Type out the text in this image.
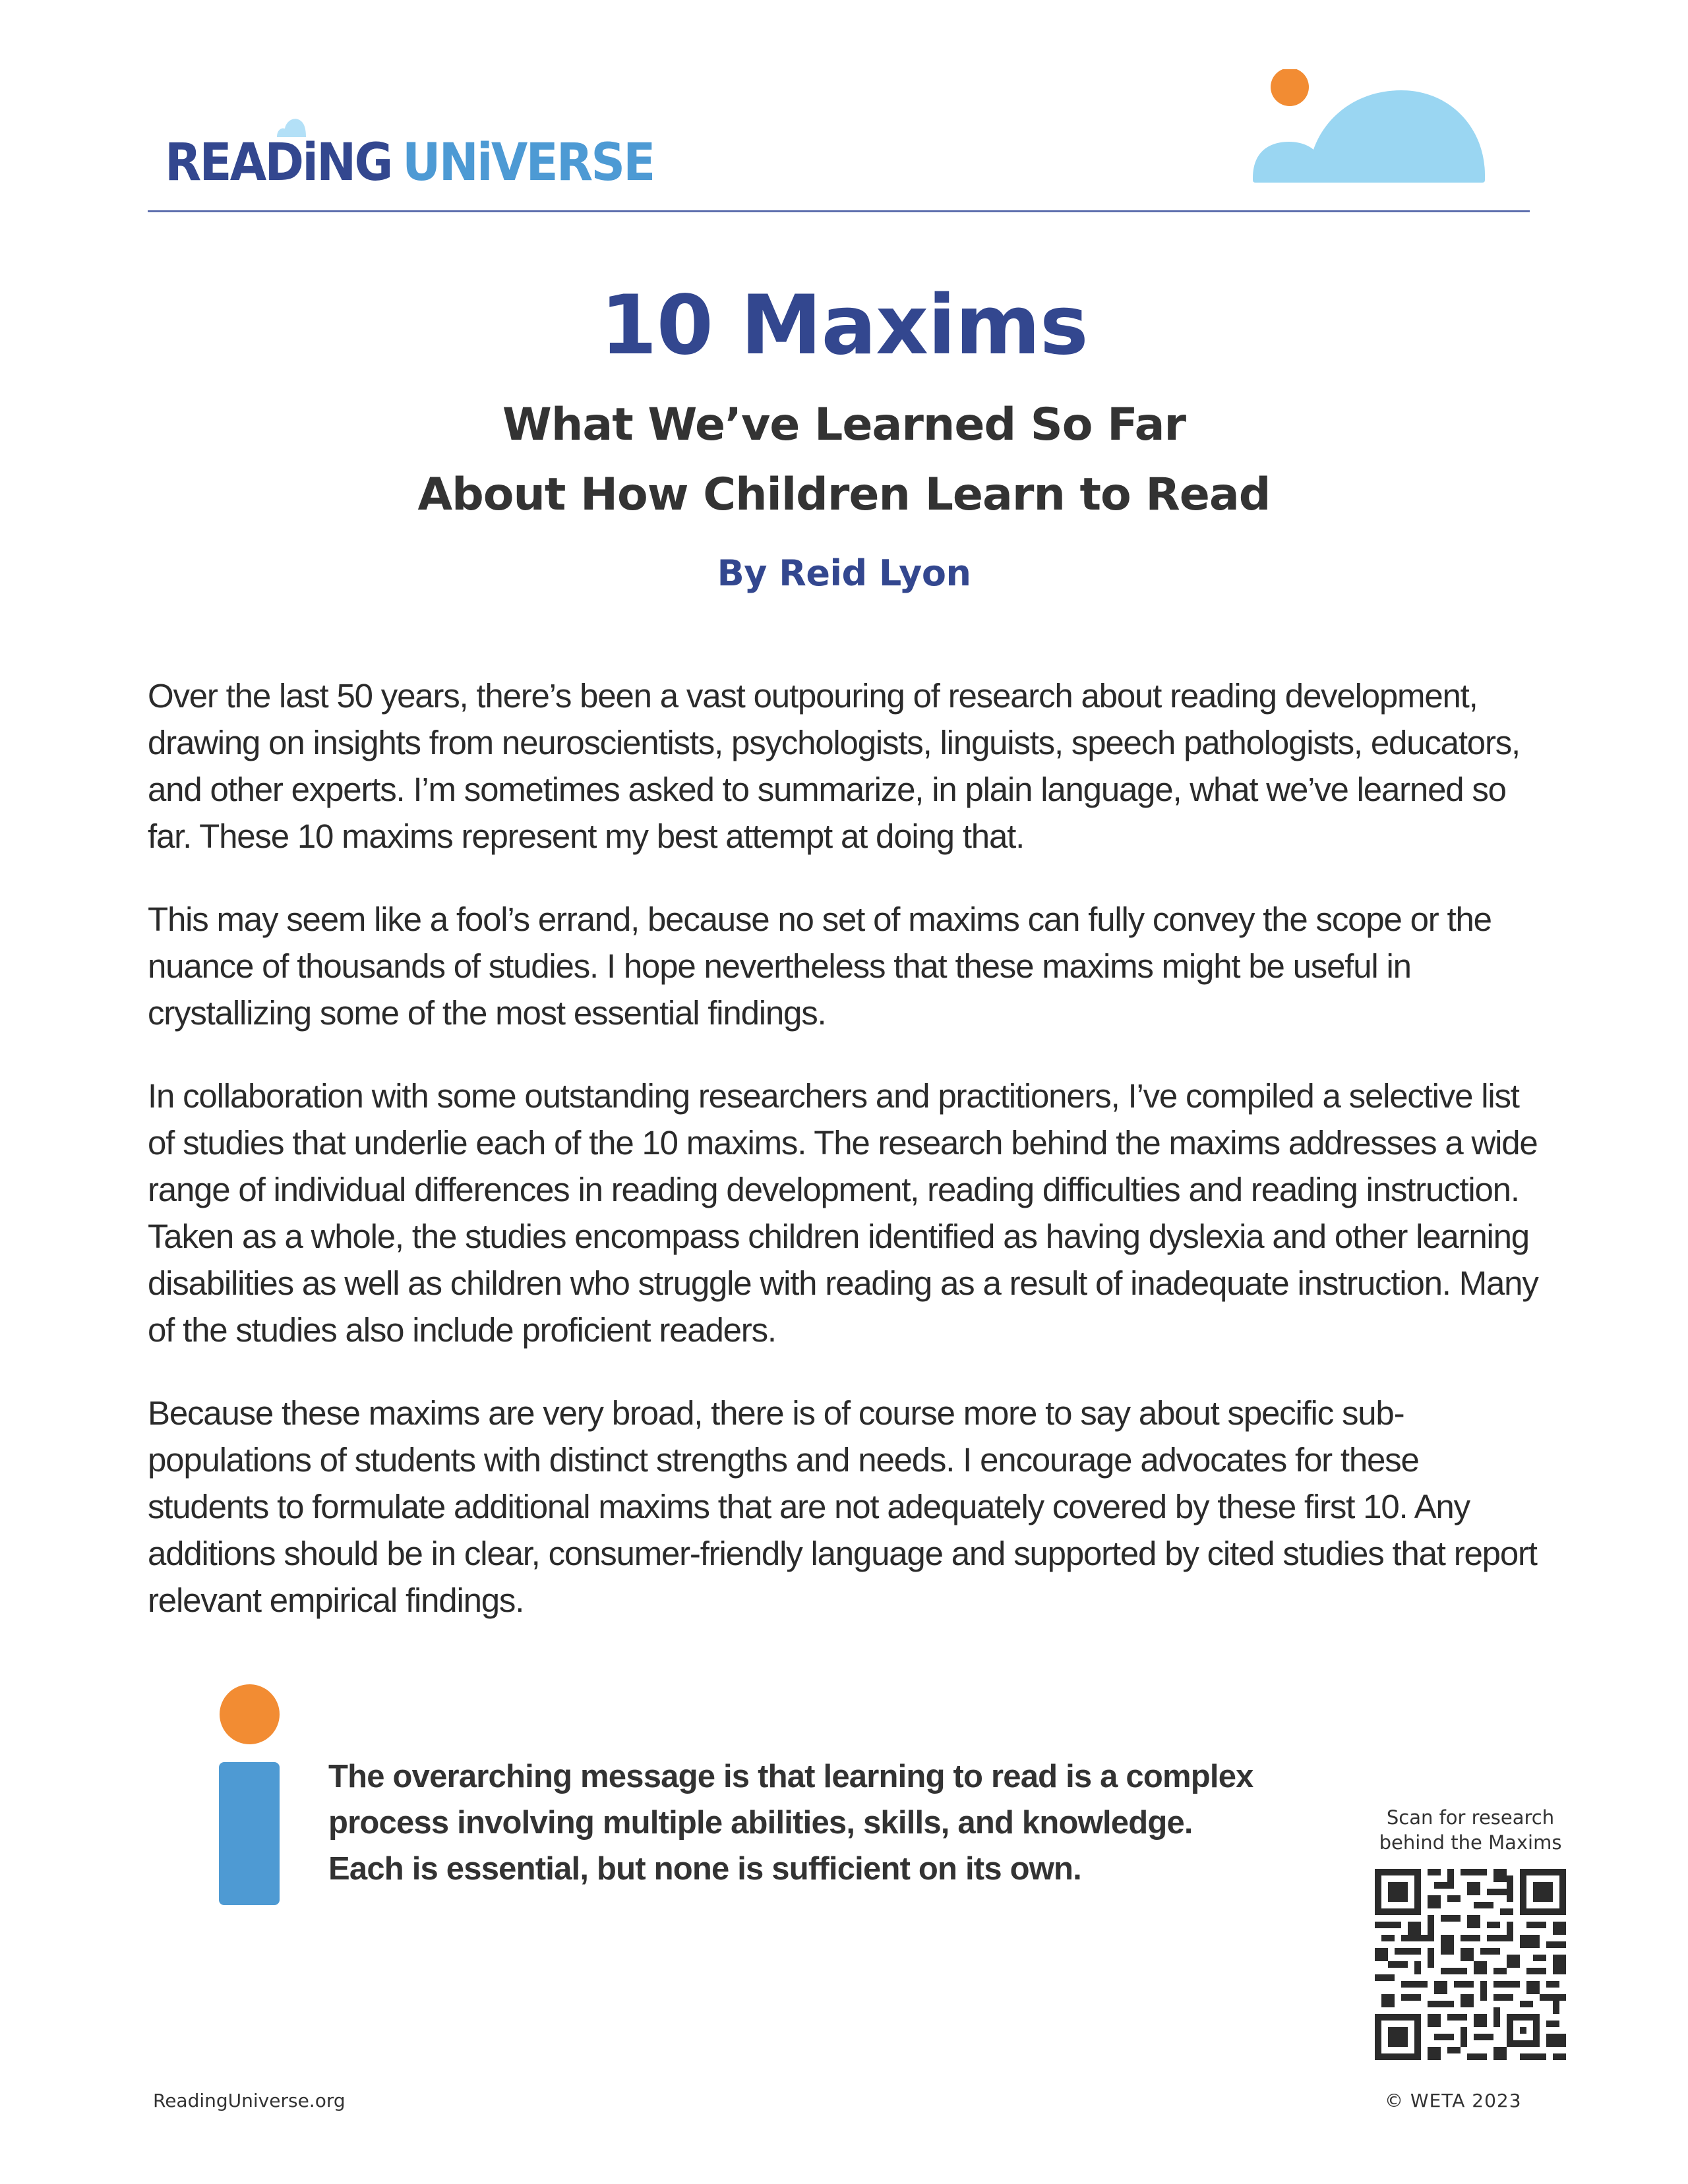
READiNG UNiVERSE
10 Maxims
What We’ve Learned So Far
About How Children Learn to Read
By Reid Lyon

Over the last 50 years, there’s been a vast outpouring of research about reading development, drawing on insights from neuroscientists, psychologists, linguists, speech pathologists, educators, and other experts. I’m sometimes asked to summarize, in plain language, what we’ve learned so far. These 10 maxims represent my best attempt at doing that.

This may seem like a fool’s errand, because no set of maxims can fully convey the scope or the nuance of thousands of studies. I hope nevertheless that these maxims might be useful in crystallizing some of the most essential findings.

In collaboration with some outstanding researchers and practitioners, I’ve compiled a selective list of studies that underlie each of the 10 maxims. The research behind the maxims addresses a wide range of individual differences in reading development, reading difficulties and reading instruction. Taken as a whole, the studies encompass children identified as having dyslexia and other learning disabilities as well as children who struggle with reading as a result of inadequate instruction. Many of the studies also include proficient readers.

Because these maxims are very broad, there is of course more to say about specific sub-populations of students with distinct strengths and needs. I encourage advocates for these students to formulate additional maxims that are not adequately covered by these first 10. Any additions should be in clear, consumer-friendly language and supported by cited studies that report relevant empirical findings.

The overarching message is that learning to read is a complex
process involving multiple abilities, skills, and knowledge.
Each is essential, but none is sufficient on its own.
Scan for research
behind the Maxims
ReadingUniverse.org	© WETA 2023
